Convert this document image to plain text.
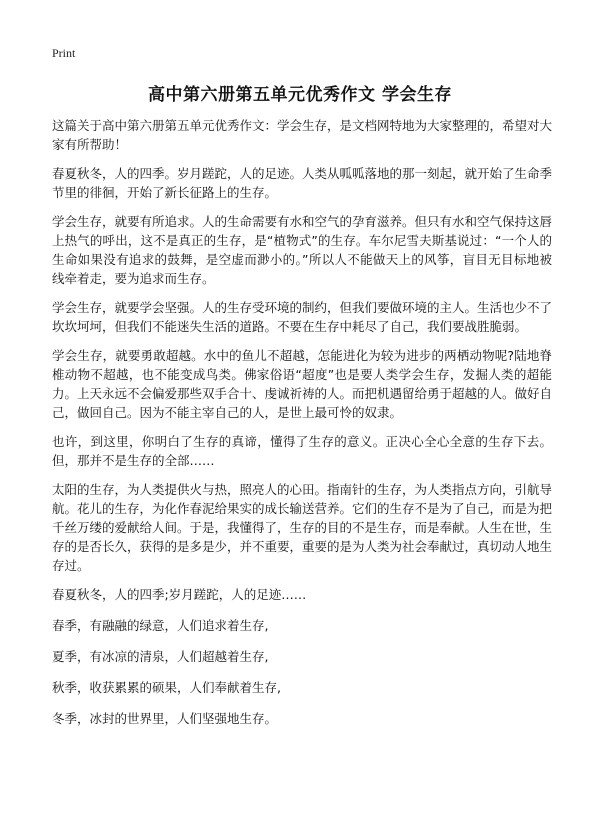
Print
高中第六册第五单元优秀作文 学会生存

这篇关于高中第六册第五单元优秀作文：学会生存，是文档网特地为大家整理的，希望对大家有所帮助！

春夏秋冬，人的四季。岁月蹉跎，人的足迹。人类从呱呱落地的那一刻起，就开始了生命季节里的徘徊，开始了新长征路上的生存。

学会生存，就要有所追求。人的生命需要有水和空气的孕育滋养。但只有水和空气保持这唇上热气的呼出，这不是真正的生存，是“植物式”的生存。车尔尼雪夫斯基说过：“一个人的生命如果没有追求的鼓舞，是空虚而渺小的。”所以人不能做天上的风筝，盲目无目标地被线牵着走，要为追求而生存。

学会生存，就要学会坚强。人的生存受环境的制约，但我们要做环境的主人。生活也少不了坎坎坷坷，但我们不能迷失生活的道路。不要在生存中耗尽了自己，我们要战胜脆弱。

学会生存，就要勇敢超越。水中的鱼儿不超越，怎能进化为较为进步的两栖动物呢?陆地脊椎动物不超越，也不能变成鸟类。佛家俗语“超度”也是要人类学会生存，发掘人类的超能力。上天永远不会偏爱那些双手合十、虔诚祈祷的人。而把机遇留给勇于超越的人。做好自己，做回自己。因为不能主宰自己的人，是世上最可怜的奴隶。

也许，到这里，你明白了生存的真谛，懂得了生存的意义。正决心全心全意的生存下去。但，那并不是生存的全部……

太阳的生存，为人类提供火与热，照亮人的心田。指南针的生存，为人类指点方向，引航导航。花儿的生存，为化作春泥给果实的成长输送营养。它们的生存不是为了自己，而是为把千丝万缕的爱献给人间。于是，我懂得了，生存的目的不是生存，而是奉献。人生在世，生存的是否长久，获得的是多是少，并不重要，重要的是为人类为社会奉献过，真切动人地生存过。

春夏秋冬，人的四季;岁月蹉跎，人的足迹……

春季，有融融的绿意，人们追求着生存,

夏季，有冰凉的清泉，人们超越着生存,

秋季，收获累累的硕果，人们奉献着生存,

冬季，冰封的世界里，人们坚强地生存。
